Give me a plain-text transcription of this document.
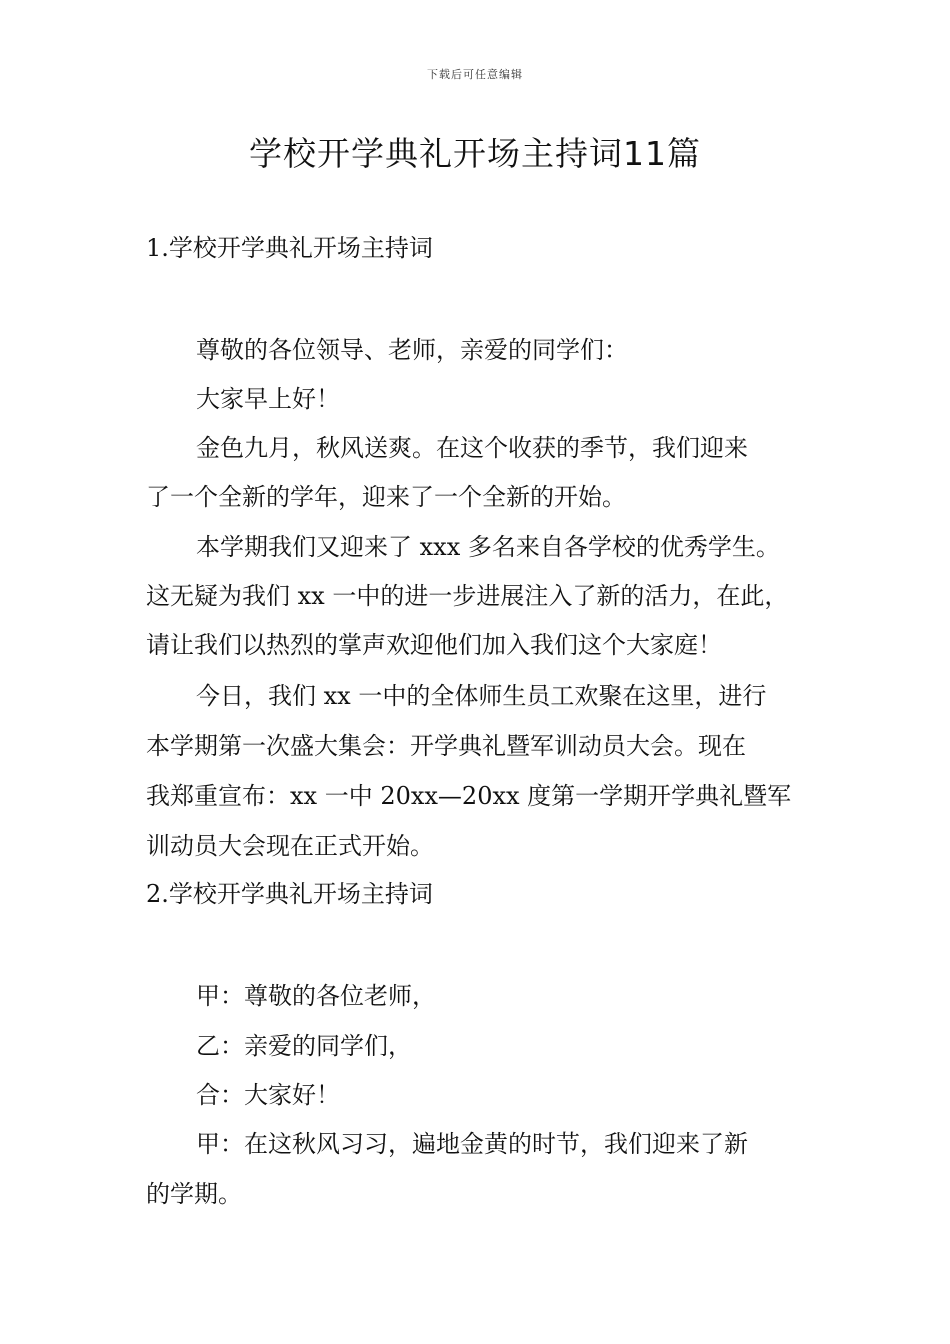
下载后可任意编辑
学校开学典礼开场主持词11篇

1.学校开学典礼开场主持词

尊敬的各位领导、老师，亲爱的同学们：

大家早上好！

金色九月，秋风送爽。在这个收获的季节，我们迎来

了一个全新的学年，迎来了一个全新的开始。

本学期我们又迎来了 xxx 多名来自各学校的优秀学生。

这无疑为我们 xx 一中的进一步进展注入了新的活力，在此，

请让我们以热烈的掌声欢迎他们加入我们这个大家庭！

今日，我们 xx 一中的全体师生员工欢聚在这里，进行

本学期第一次盛大集会：开学典礼暨军训动员大会。现在

我郑重宣布：xx 一中 20xx—20xx 度第一学期开学典礼暨军

训动员大会现在正式开始。

2.学校开学典礼开场主持词

甲：尊敬的各位老师，

乙：亲爱的同学们，

合：大家好！

甲：在这秋风习习，遍地金黄的时节，我们迎来了新

的学期。
